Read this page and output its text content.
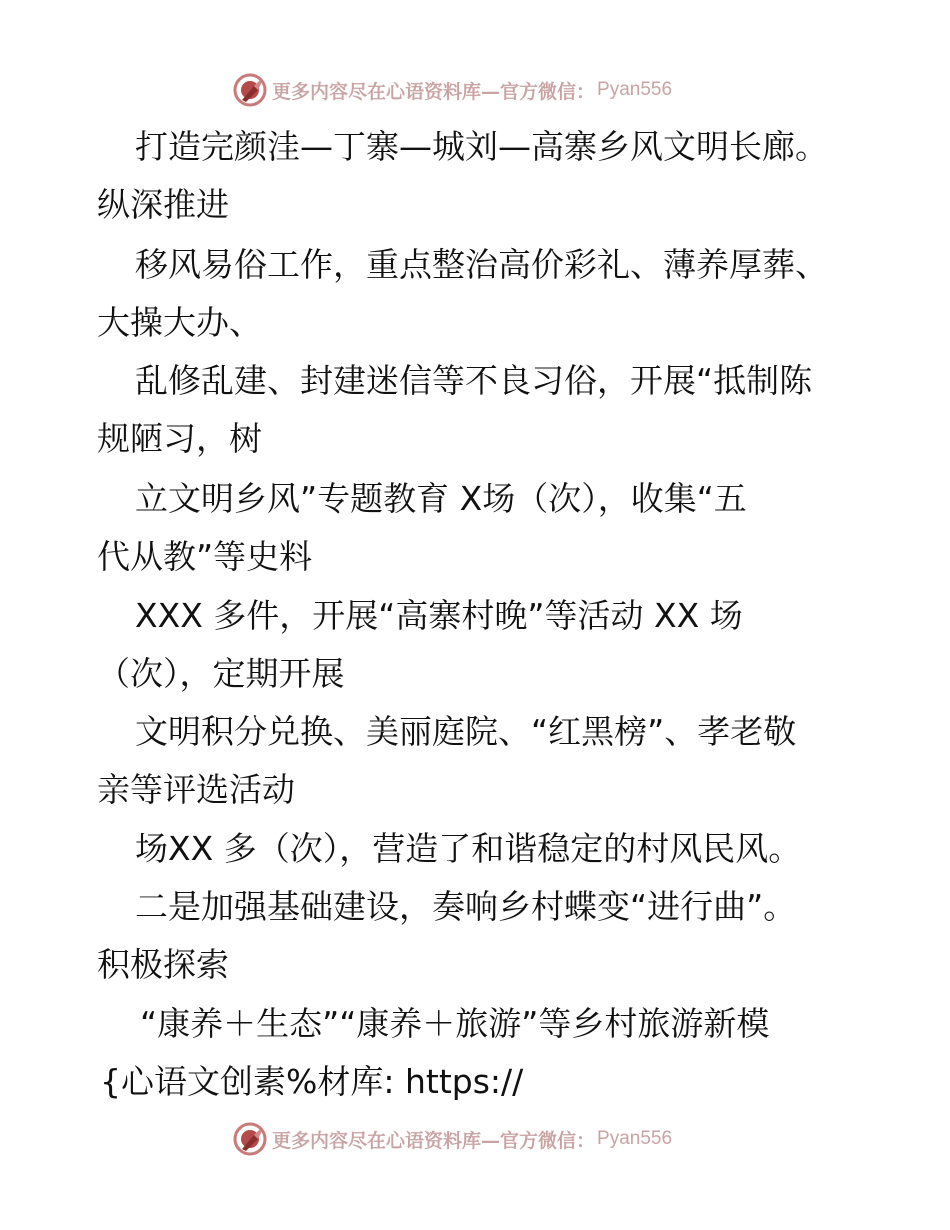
更多内容尽在心语资料库—官方微信： Pyan556
打造完颜洼—丁寨—城刘—高寨乡风文明长廊。
纵深推进
移风易俗工作，重点整治高价彩礼、薄养厚葬、
大操大办、
乱修乱建、封建迷信等不良习俗，开展“抵制陈
规陋习，树
立文明乡风”专题教育 X场（次），收集“五
代从教”等史料
XXX 多件，开展“高寨村晚”等活动 XX 场
（次），定期开展
文明积分兑换、美丽庭院、“红黑榜”、孝老敬
亲等评选活动
场XX 多（次），营造了和谐稳定的村风民风。
二是加强基础建设，奏响乡村蝶变“进行曲”。
积极探索
“康养＋生态”“康养＋旅游”等乡村旅游新模
{心语文创素%材库: https://
更多内容尽在心语资料库—官方微信： Pyan556
